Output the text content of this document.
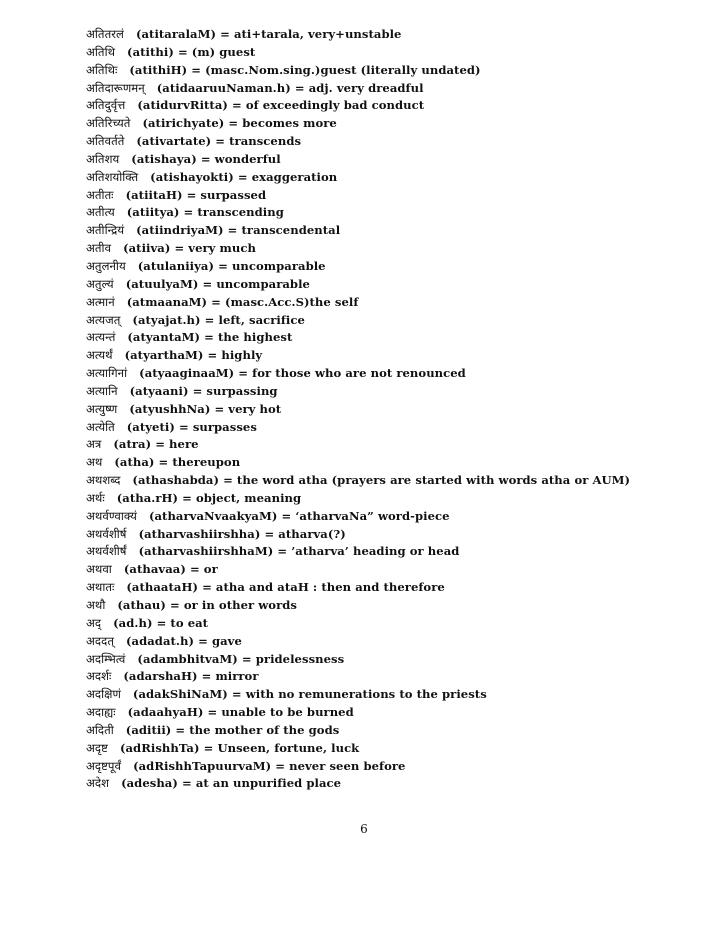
अतितरलं (atitaralaM) = ati+tarala, very+unstable
अतिथि (atithi) = (m) guest
अतिथिः (atithiH) = (masc.Nom.sing.)guest (literally undated)
अतिदारूणमन् (atidaaruuNaman.h) = adj. very dreadful
अतिदुर्वृत्त (atidurvRitta) = of exceedingly bad conduct
अतिरिच्यते (atirichyate) = becomes more
अतिवर्तते (ativartate) = transcends
अतिशय (atishaya) = wonderful
अतिशयोक्ति (atishayokti) = exaggeration
अतीतः (atiitaH) = surpassed
अतीत्य (atiitya) = transcending
अतीन्द्रियं (atiindriyaM) = transcendental
अतीव (atiiva) = very much
अतुलनीय (atulaniiya) = uncomparable
अतुल्यं (atuulyaM) = uncomparable
अत्मानं (atmaanaM) = (masc.Acc.S)the self
अत्यजत् (atyajat.h) = left, sacrifice
अत्यन्तं (atyantaM) = the highest
अत्यर्थं (atyarthaM) = highly
अत्यागिनां (atyaaginaaM) = for those who are not renounced
अत्यानि (atyaani) = surpassing
अत्युष्ण (atyushhNa) = very hot
अत्येति (atyeti) = surpasses
अत्र (atra) = here
अथ (atha) = thereupon
अथशब्द (athashabda) = the word atha (prayers are started with words atha or AUM)
अर्थः (atha.rH) = object, meaning
अथर्वण्वाक्यं (atharvaNvaakyaM) = ‘atharvaNa” word-piece
अथर्वशीर्ष (atharvashiirshha) = atharva(?)
अथर्वशीर्षं (atharvashiirshhaM) = ’atharva’ heading or head
अथवा (athavaa) = or
अथातः (athaataH) = atha and ataH : then and therefore
अथौ (athau) = or in other words
अद् (ad.h) = to eat
अददत् (adadat.h) = gave
अदम्भित्वं (adambhitvaM) = pridelessness
अदर्शः (adarshaH) = mirror
अदक्षिणं (adakShiNaM) = with no remunerations to the priests
अदाह्यः (adaahyaH) = unable to be burned
अदिती (aditii) = the mother of the gods
अदृष्ट (adRishhTa) = Unseen, fortune, luck
अदृष्टपूर्वं (adRishhTapuurvaM) = never seen before
अदेश (adesha) = at an unpurified place
6
